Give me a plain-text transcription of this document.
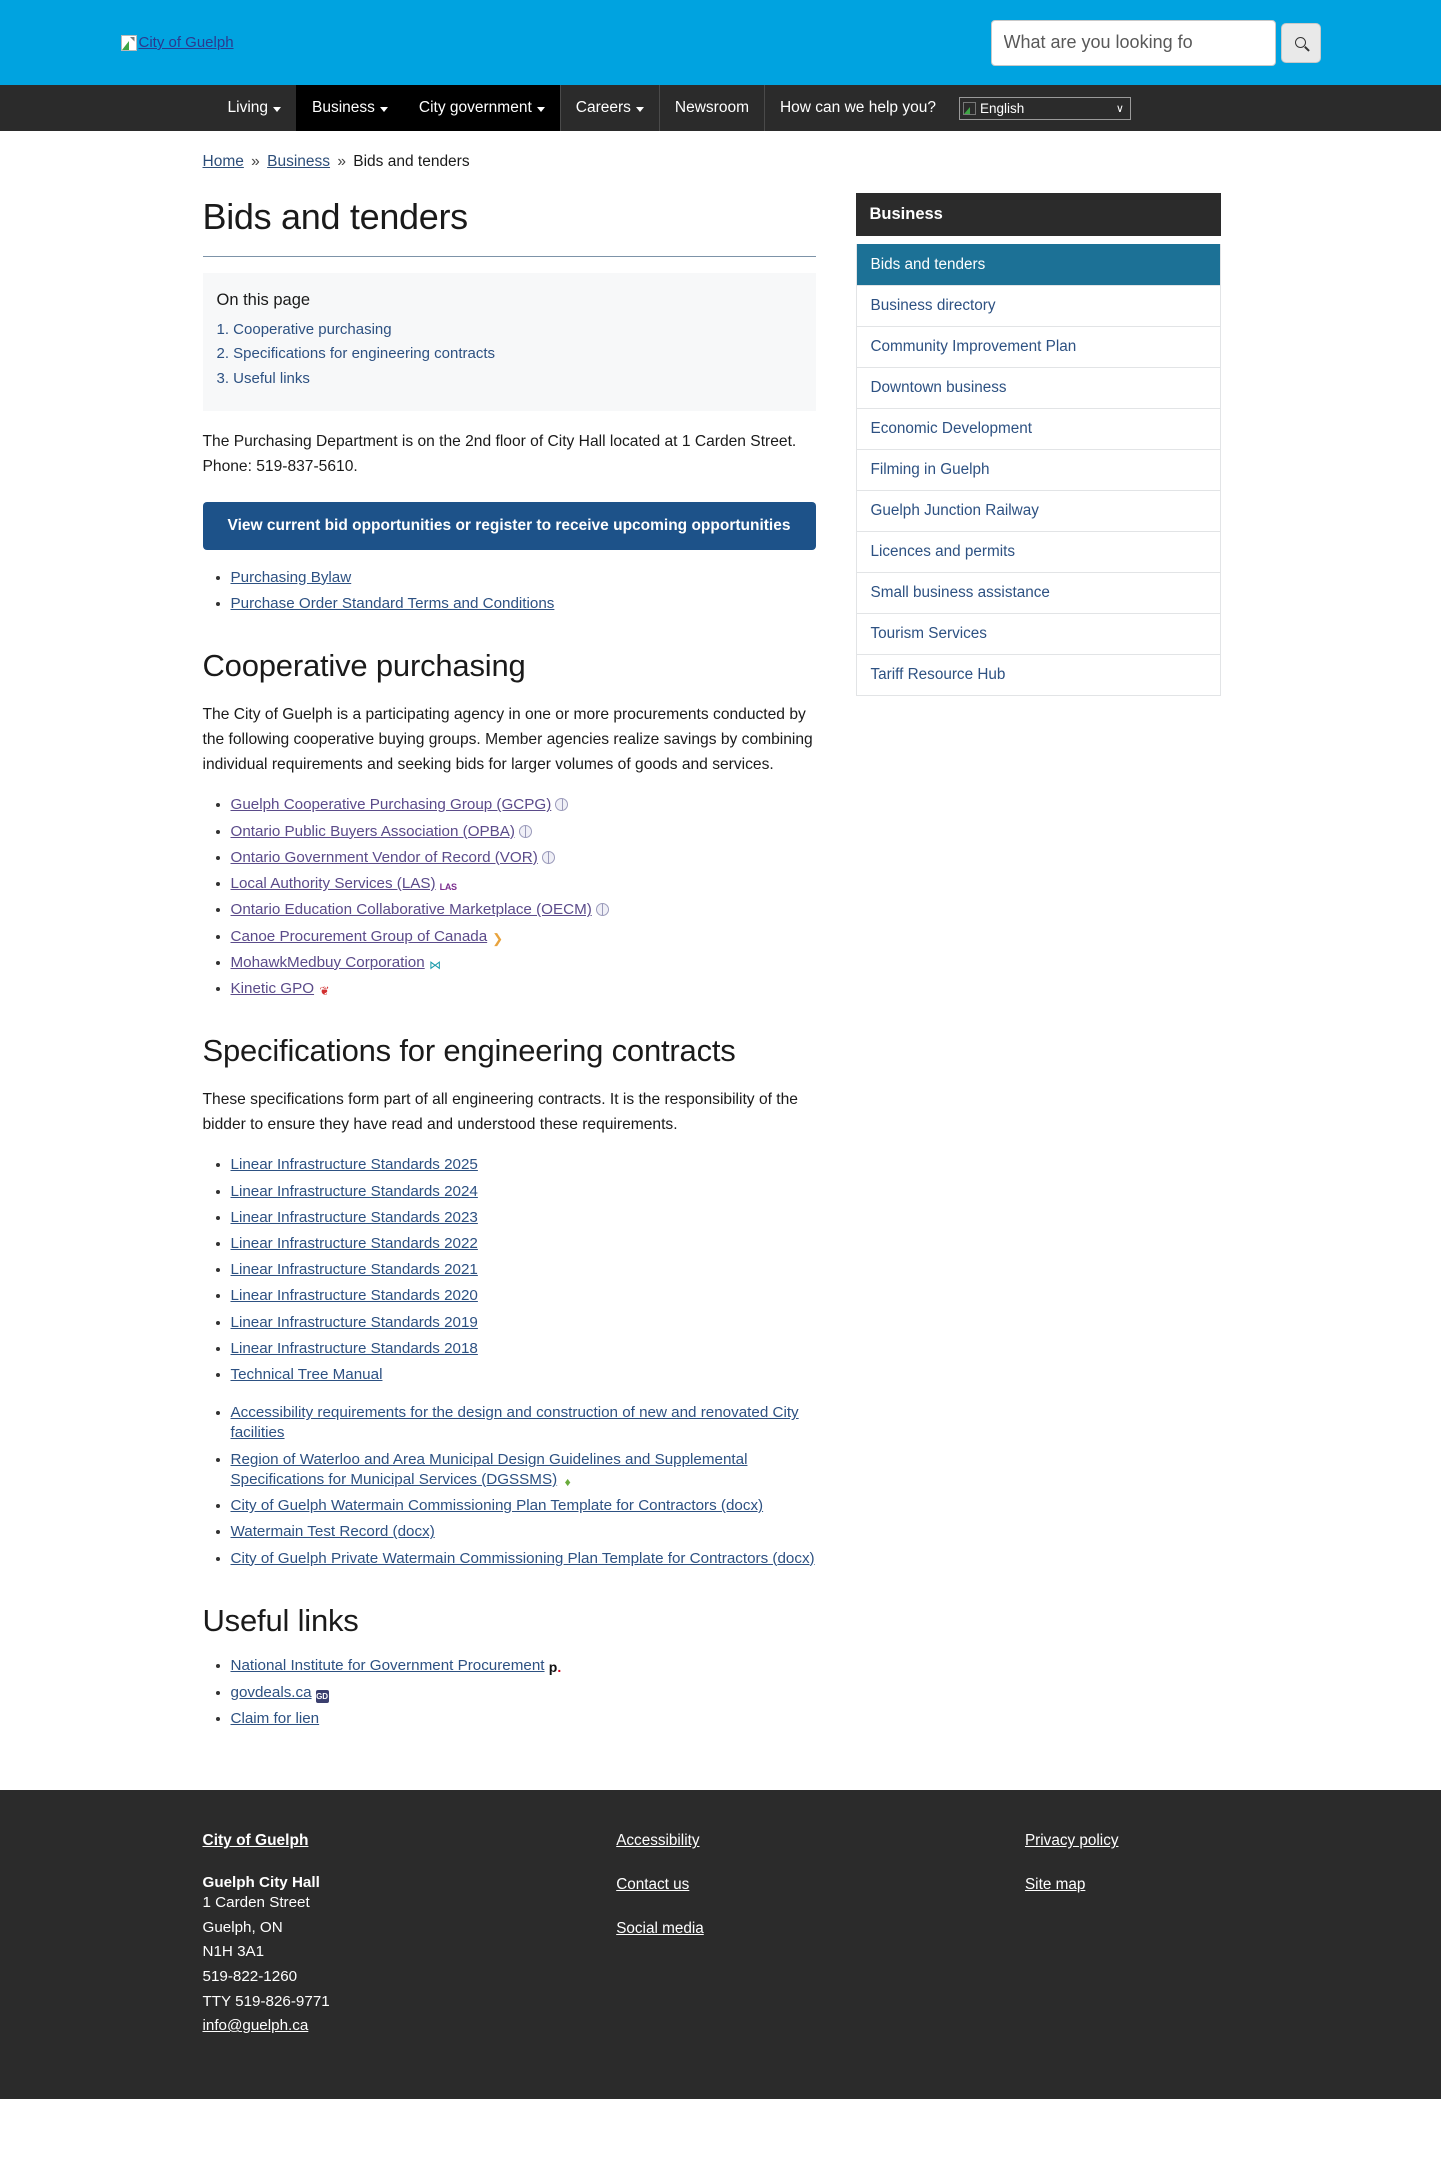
City of Guelph
What are you looking fo
Living	Business	City government	Careers	Newsroom How can we help you?	English	∨
Home » Business » Bids and tenders
Bids and tenders
On this page
1. Cooperative purchasing
2. Specifications for engineering contracts
3. Useful links

The Purchasing Department is on the 2nd floor of City Hall located at 1 Carden Street. Phone: 519-837-5610.

View current bid opportunities or register to receive upcoming opportunities
• Purchasing Bylaw
• Purchase Order Standard Terms and Conditions
Cooperative purchasing

The City of Guelph is a participating agency in one or more procurements conducted by the following cooperative buying groups. Member agencies realize savings by combining individual requirements and seeking bids for larger volumes of goods and services.

• Guelph Cooperative Purchasing Group (GCPG)
• Ontario Public Buyers Association (OPBA)
• Ontario Government Vendor of Record (VOR)
• Local Authority Services (LAS) LAS
• Ontario Education Collaborative Marketplace (OECM)
• Canoe Procurement Group of Canada ❯
• MohawkMedbuy Corporation ⋈
• Kinetic GPO ❦
Specifications for engineering contracts

These specifications form part of all engineering contracts. It is the responsibility of the bidder to ensure they have read and understood these requirements.

• Linear Infrastructure Standards 2025
• Linear Infrastructure Standards 2024
• Linear Infrastructure Standards 2023
• Linear Infrastructure Standards 2022
• Linear Infrastructure Standards 2021
• Linear Infrastructure Standards 2020
• Linear Infrastructure Standards 2019
• Linear Infrastructure Standards 2018
• Technical Tree Manual
• Accessibility requirements for the design and construction of new and renovated City facilities
• Region of Waterloo and Area Municipal Design Guidelines and Supplemental Specifications for Municipal Services (DGSSMS) ♦
• City of Guelph Watermain Commissioning Plan Template for Contractors (docx)
• Watermain Test Record (docx)
• City of Guelph Private Watermain Commissioning Plan Template for Contractors (docx)
Useful links
• National Institute for Government Procurement p.
• govdeals.ca GD
• Claim for lien
Business
Bids and tenders
Business directory
Community Improvement Plan
Downtown business
Economic Development
Filming in Guelph
Guelph Junction Railway
Licences and permits
Small business assistance
Tourism Services
Tariff Resource Hub
City of Guelph
Guelph City Hall
1 Carden Street
Guelph, ON
N1H 3A1
519-822-1260
TTY 519-826-9771
info@guelph.ca
Accessibility
Contact us
Social media
Privacy policy
Site map
